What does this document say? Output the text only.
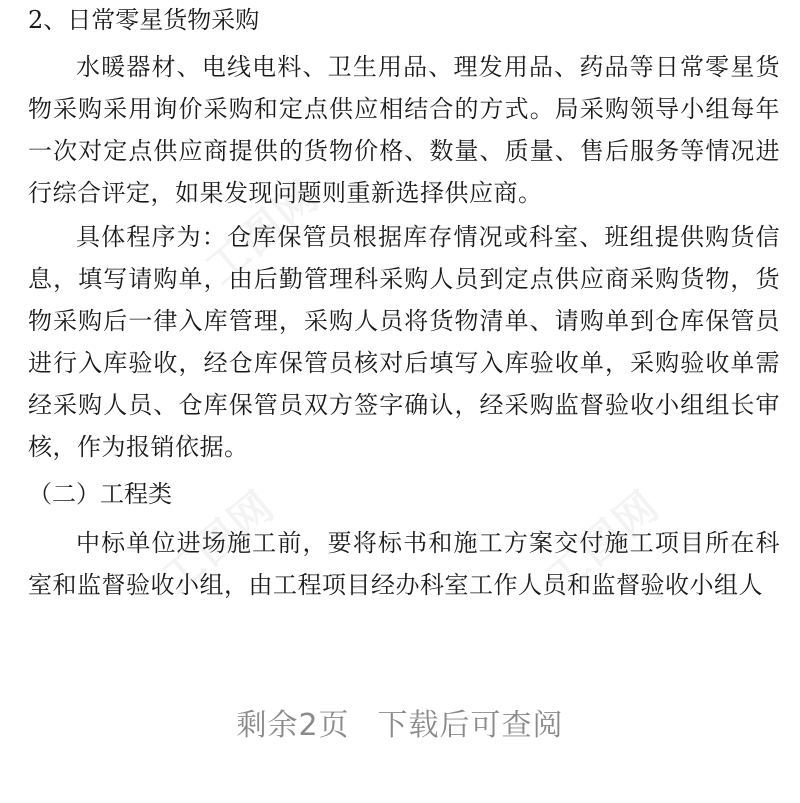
工图网
工图网	工图网

2、日常零星货物采购

水暖器材、电线电料、卫生用品、理发用品、药品等日常零星货物采购采用询价采购和定点供应相结合的方式。局采购领导小组每年一次对定点供应商提供的货物价格、数量、质量、售后服务等情况进行综合评定，如果发现问题则重新选择供应商。

具体程序为：仓库保管员根据库存情况或科室、班组提供购货信息，填写请购单，由后勤管理科采购人员到定点供应商采购货物，货物采购后一律入库管理，采购人员将货物清单、请购单到仓库保管员进行入库验收，经仓库保管员核对后填写入库验收单，采购验收单需经采购人员、仓库保管员双方签字确认，经采购监督验收小组组长审核，作为报销依据。

（二）工程类

中标单位进场施工前，要将标书和施工方案交付施工项目所在科室和监督验收小组，由工程项目经办科室工作人员和监督验收小组人

剩余2页 下载后可查阅
